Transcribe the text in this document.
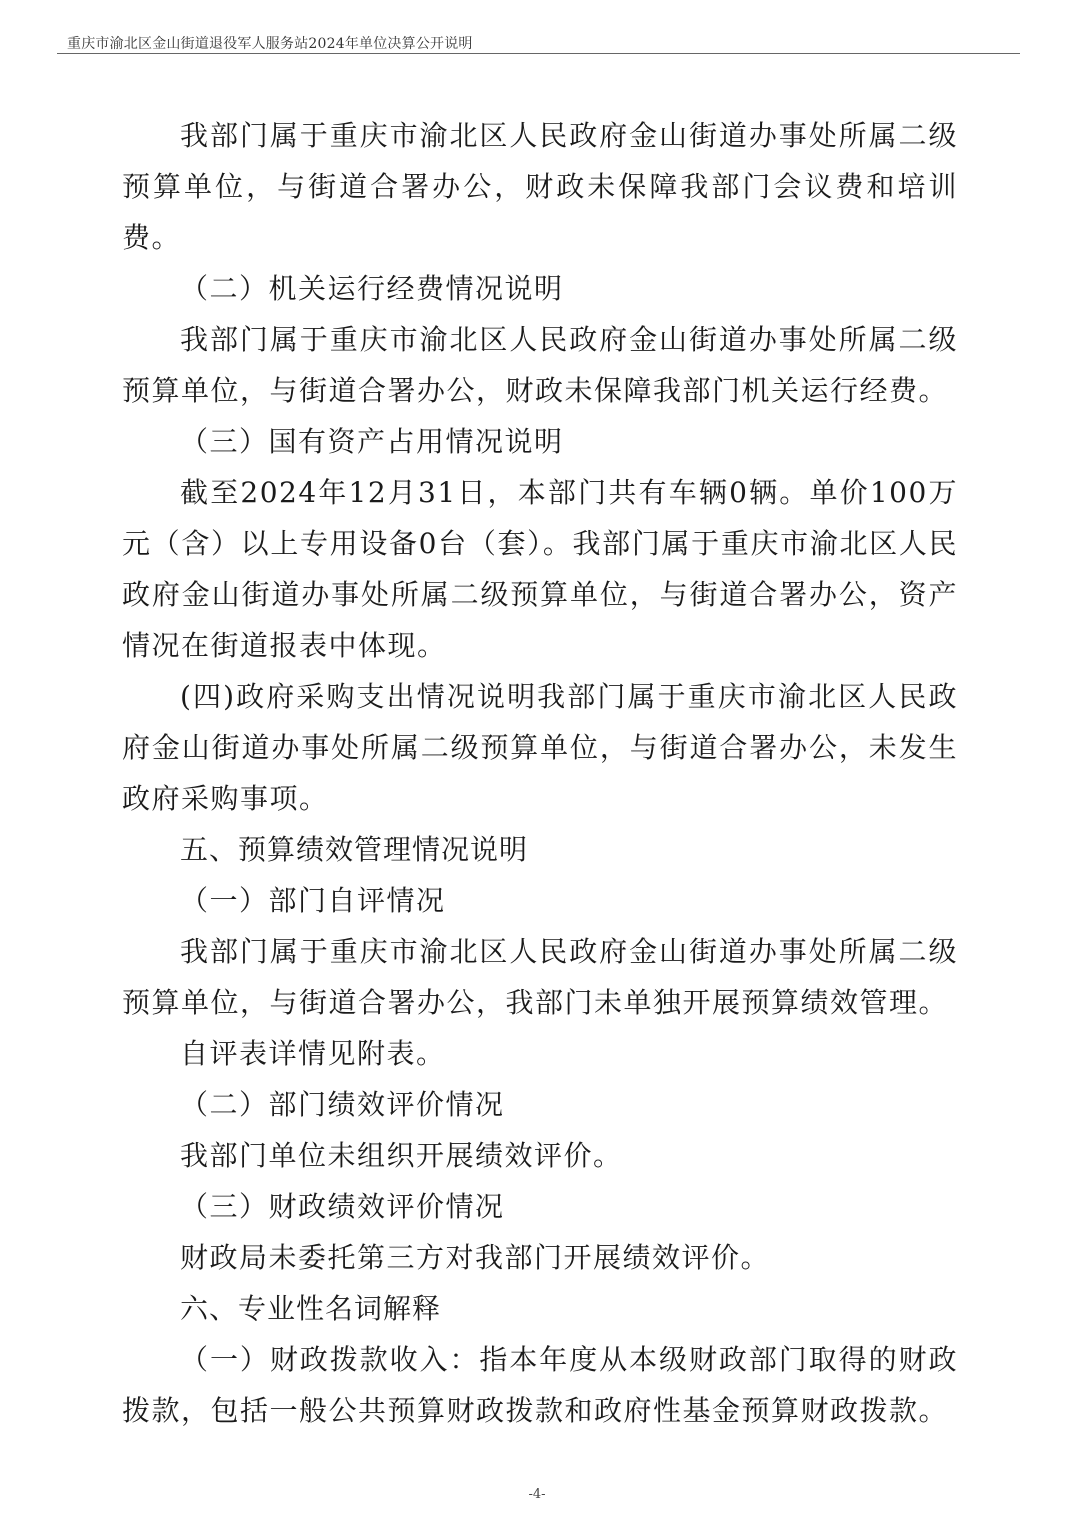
重庆市渝北区金山街道退役军人服务站2024年单位决算公开说明

我部门属于重庆市渝北区人民政府金山街道办事处所属二级预算单位，与街道合署办公，财政未保障我部门会议费和培训费。

（二）机关运行经费情况说明

我部门属于重庆市渝北区人民政府金山街道办事处所属二级预算单位，与街道合署办公，财政未保障我部门机关运行经费。

（三）国有资产占用情况说明

截至2024年12月31日，本部门共有车辆0辆。单价100万元（含）以上专用设备0台（套）。我部门属于重庆市渝北区人民政府金山街道办事处所属二级预算单位，与街道合署办公，资产情况在街道报表中体现。

(四)政府采购支出情况说明我部门属于重庆市渝北区人民政府金山街道办事处所属二级预算单位，与街道合署办公，未发生政府采购事项。

五、预算绩效管理情况说明

（一）部门自评情况

我部门属于重庆市渝北区人民政府金山街道办事处所属二级预算单位，与街道合署办公，我部门未单独开展预算绩效管理。

自评表详情见附表。

（二）部门绩效评价情况

我部门单位未组织开展绩效评价。

（三）财政绩效评价情况

财政局未委托第三方对我部门开展绩效评价。

六、专业性名词解释

（一）财政拨款收入：指本年度从本级财政部门取得的财政拨款，包括一般公共预算财政拨款和政府性基金预算财政拨款。

-4-
